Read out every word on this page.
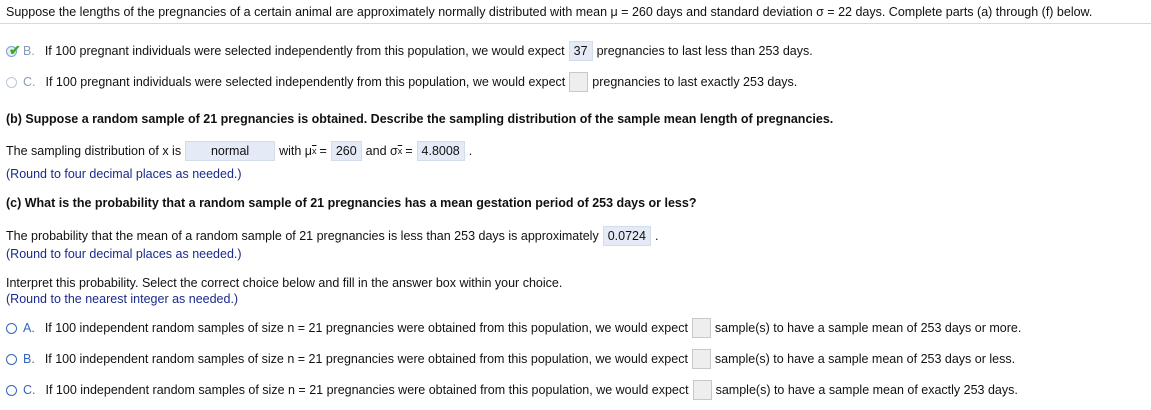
Suppose the lengths of the pregnancies of a certain animal are approximately normally distributed with mean μ = 260 days and standard deviation σ = 22 days. Complete parts (a) through (f) below.
✔ B. If 100 pregnant individuals were selected independently from this population, we would expect 37 pregnancies to last less than 253 days.
C. If 100 pregnant individuals were selected independently from this population, we would expect pregnancies to last exactly 253 days.
(b) Suppose a random sample of 21 pregnancies is obtained. Describe the sampling distribution of the sample mean length of pregnancies.
The sampling distribution of x is	normal	with μ $\overline{x} = 260$ and σ $\overline{x} = 4.8008$ .
(Round to four decimal places as needed.)
(c) What is the probability that a random sample of 21 pregnancies has a mean gestation period of 253 days or less?
The probability that the mean of a random sample of 21 pregnancies is less than 253 days is approximately 0.0724 .
(Round to four decimal places as needed.)
Interpret this probability. Select the correct choice below and fill in the answer box within your choice.
(Round to the nearest integer as needed.)
A. If 100 independent random samples of size n = 21 pregnancies were obtained from this population, we would expect sample(s) to have a sample mean of 253 days or more.
B. If 100 independent random samples of size n = 21 pregnancies were obtained from this population, we would expect sample(s) to have a sample mean of 253 days or less.
C. If 100 independent random samples of size n = 21 pregnancies were obtained from this population, we would expect sample(s) to have a sample mean of exactly 253 days.
